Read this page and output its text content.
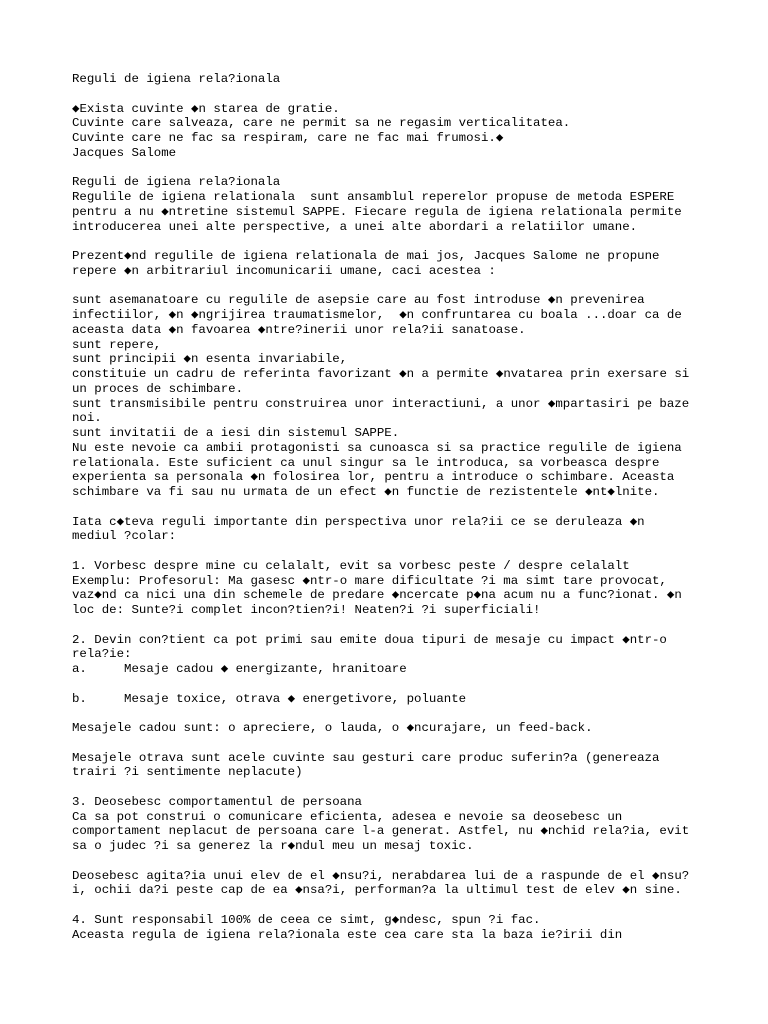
Reguli de igiena rela?ionala
◆Exista cuvinte ◆n starea de gratie.
Cuvinte care salveaza, care ne permit sa ne regasim verticalitatea.
Cuvinte care ne fac sa respiram, care ne fac mai frumosi.◆
Jacques Salome
Reguli de igiena rela?ionala
Regulile de igiena relationala  sunt ansamblul reperelor propuse de metoda ESPERE
pentru a nu ◆ntretine sistemul SAPPE. Fiecare regula de igiena relationala permite
introducerea unei alte perspective, a unei alte abordari a relatiilor umane.
Prezent◆nd regulile de igiena relationala de mai jos, Jacques Salome ne propune
repere ◆n arbitrariul incomunicarii umane, caci acestea :
sunt asemanatoare cu regulile de asepsie care au fost introduse ◆n prevenirea
infectiilor, ◆n ◆ngrijirea traumatismelor,  ◆n confruntarea cu boala ...doar ca de
aceasta data ◆n favoarea ◆ntre?inerii unor rela?ii sanatoase.
sunt repere,
sunt principii ◆n esenta invariabile,
constituie un cadru de referinta favorizant ◆n a permite ◆nvatarea prin exersare si
un proces de schimbare.
sunt transmisibile pentru construirea unor interactiuni, a unor ◆mpartasiri pe baze
noi.
sunt invitatii de a iesi din sistemul SAPPE.
Nu este nevoie ca ambii protagonisti sa cunoasca si sa practice regulile de igiena
relationala. Este suficient ca unul singur sa le introduca, sa vorbeasca despre
experienta sa personala ◆n folosirea lor, pentru a introduce o schimbare. Aceasta
schimbare va fi sau nu urmata de un efect ◆n functie de rezistentele ◆nt◆lnite.
Iata c◆teva reguli importante din perspectiva unor rela?ii ce se deruleaza ◆n
mediul ?colar:
1. Vorbesc despre mine cu celalalt, evit sa vorbesc peste / despre celalalt
Exemplu: Profesorul: Ma gasesc ◆ntr-o mare dificultate ?i ma simt tare provocat,
vaz◆nd ca nici una din schemele de predare ◆ncercate p◆na acum nu a func?ionat. ◆n
loc de: Sunte?i complet incon?tien?i! Neaten?i ?i superficiali!
2. Devin con?tient ca pot primi sau emite doua tipuri de mesaje cu impact ◆ntr-o
rela?ie:
a.     Mesaje cadou ◆ energizante, hranitoare
b.     Mesaje toxice, otrava ◆ energetivore, poluante
Mesajele cadou sunt: o apreciere, o lauda, o ◆ncurajare, un feed-back.
Mesajele otrava sunt acele cuvinte sau gesturi care produc suferin?a (genereaza
trairi ?i sentimente neplacute)
3. Deosebesc comportamentul de persoana
Ca sa pot construi o comunicare eficienta, adesea e nevoie sa deosebesc un
comportament neplacut de persoana care l-a generat. Astfel, nu ◆nchid rela?ia, evit
sa o judec ?i sa generez la r◆ndul meu un mesaj toxic.
Deosebesc agita?ia unui elev de el ◆nsu?i, nerabdarea lui de a raspunde de el ◆nsu?
i, ochii da?i peste cap de ea ◆nsa?i, performan?a la ultimul test de elev ◆n sine.
4. Sunt responsabil 100% de ceea ce simt, g◆ndesc, spun ?i fac.
Aceasta regula de igiena rela?ionala este cea care sta la baza ie?irii din
